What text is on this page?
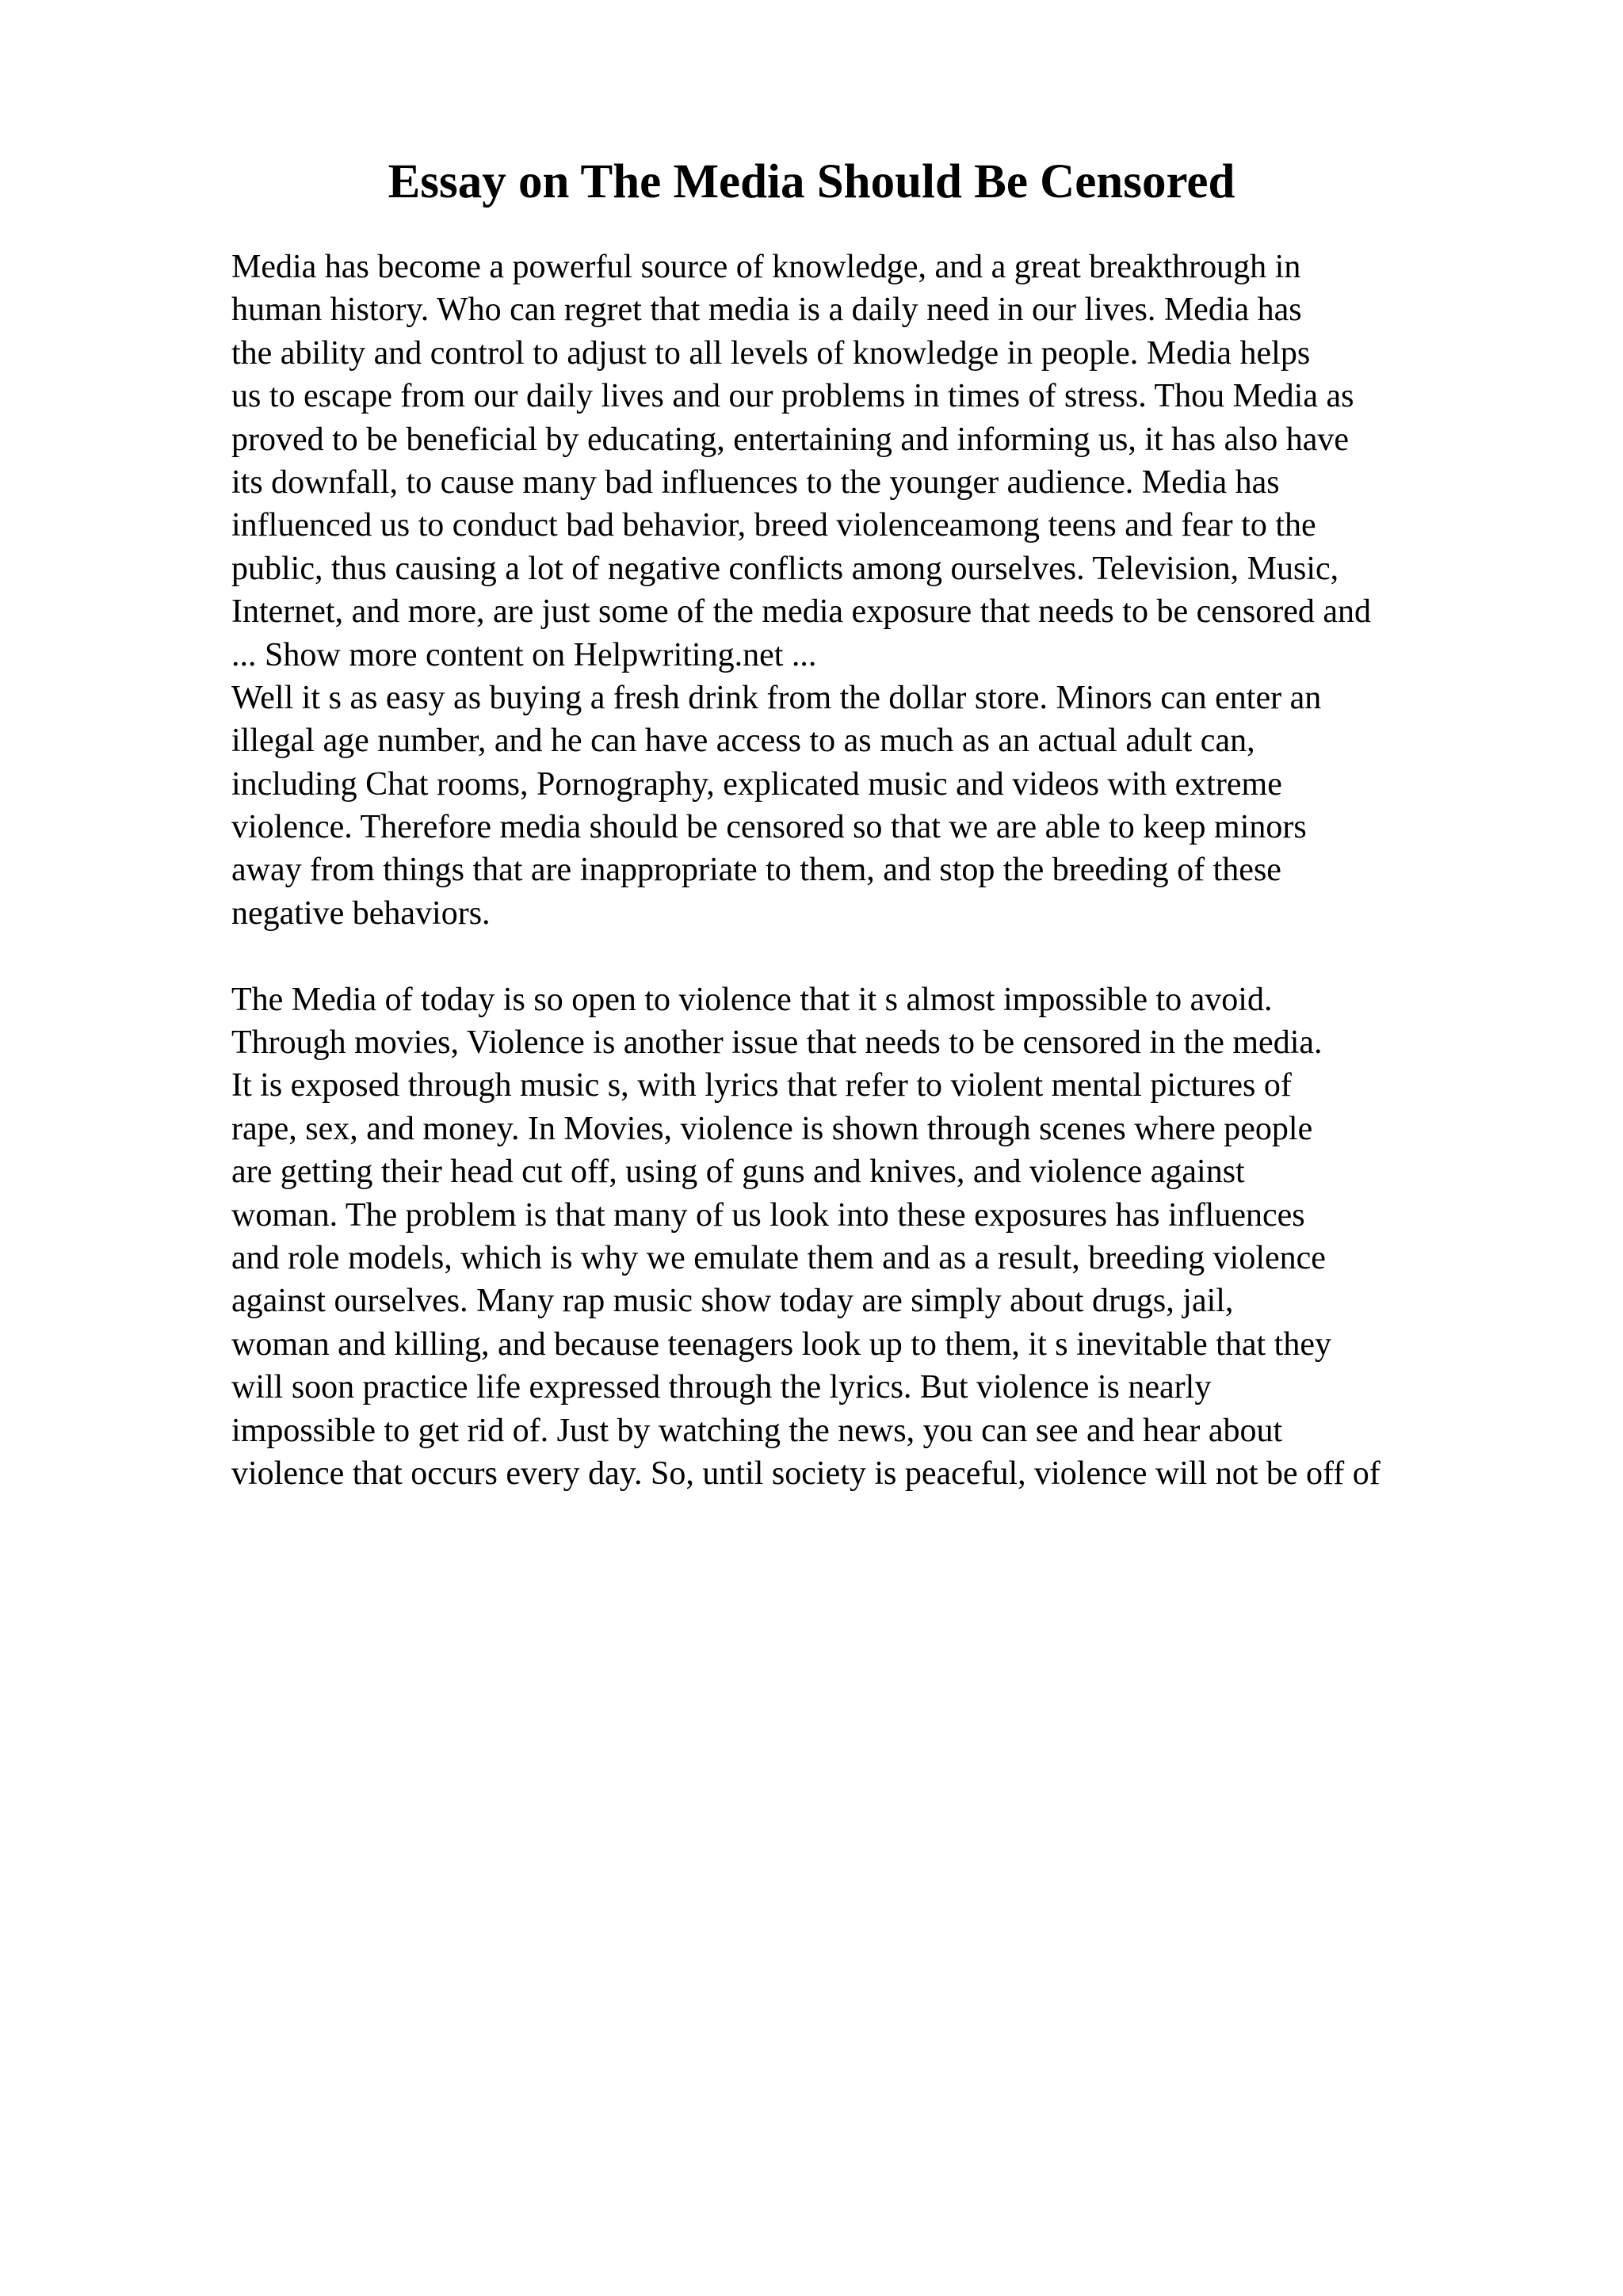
Essay on The Media Should Be Censored
Media has become a powerful source of knowledge, and a great breakthrough in
human history. Who can regret that media is a daily need in our lives. Media has
the ability and control to adjust to all levels of knowledge in people. Media helps
us to escape from our daily lives and our problems in times of stress. Thou Media as
proved to be beneficial by educating, entertaining and informing us, it has also have
its downfall, to cause many bad influences to the younger audience. Media has
influenced us to conduct bad behavior, breed violenceamong teens and fear to the
public, thus causing a lot of negative conflicts among ourselves. Television, Music,
Internet, and more, are just some of the media exposure that needs to be censored and
... Show more content on Helpwriting.net ...
Well it s as easy as buying a fresh drink from the dollar store. Minors can enter an
illegal age number, and he can have access to as much as an actual adult can,
including Chat rooms, Pornography, explicated music and videos with extreme
violence. Therefore media should be censored so that we are able to keep minors
away from things that are inappropriate to them, and stop the breeding of these
negative behaviors.
The Media of today is so open to violence that it s almost impossible to avoid.
Through movies, Violence is another issue that needs to be censored in the media.
It is exposed through music s, with lyrics that refer to violent mental pictures of
rape, sex, and money. In Movies, violence is shown through scenes where people
are getting their head cut off, using of guns and knives, and violence against
woman. The problem is that many of us look into these exposures has influences
and role models, which is why we emulate them and as a result, breeding violence
against ourselves. Many rap music show today are simply about drugs, jail,
woman and killing, and because teenagers look up to them, it s inevitable that they
will soon practice life expressed through the lyrics. But violence is nearly
impossible to get rid of. Just by watching the news, you can see and hear about
violence that occurs every day. So, until society is peaceful, violence will not be off of
